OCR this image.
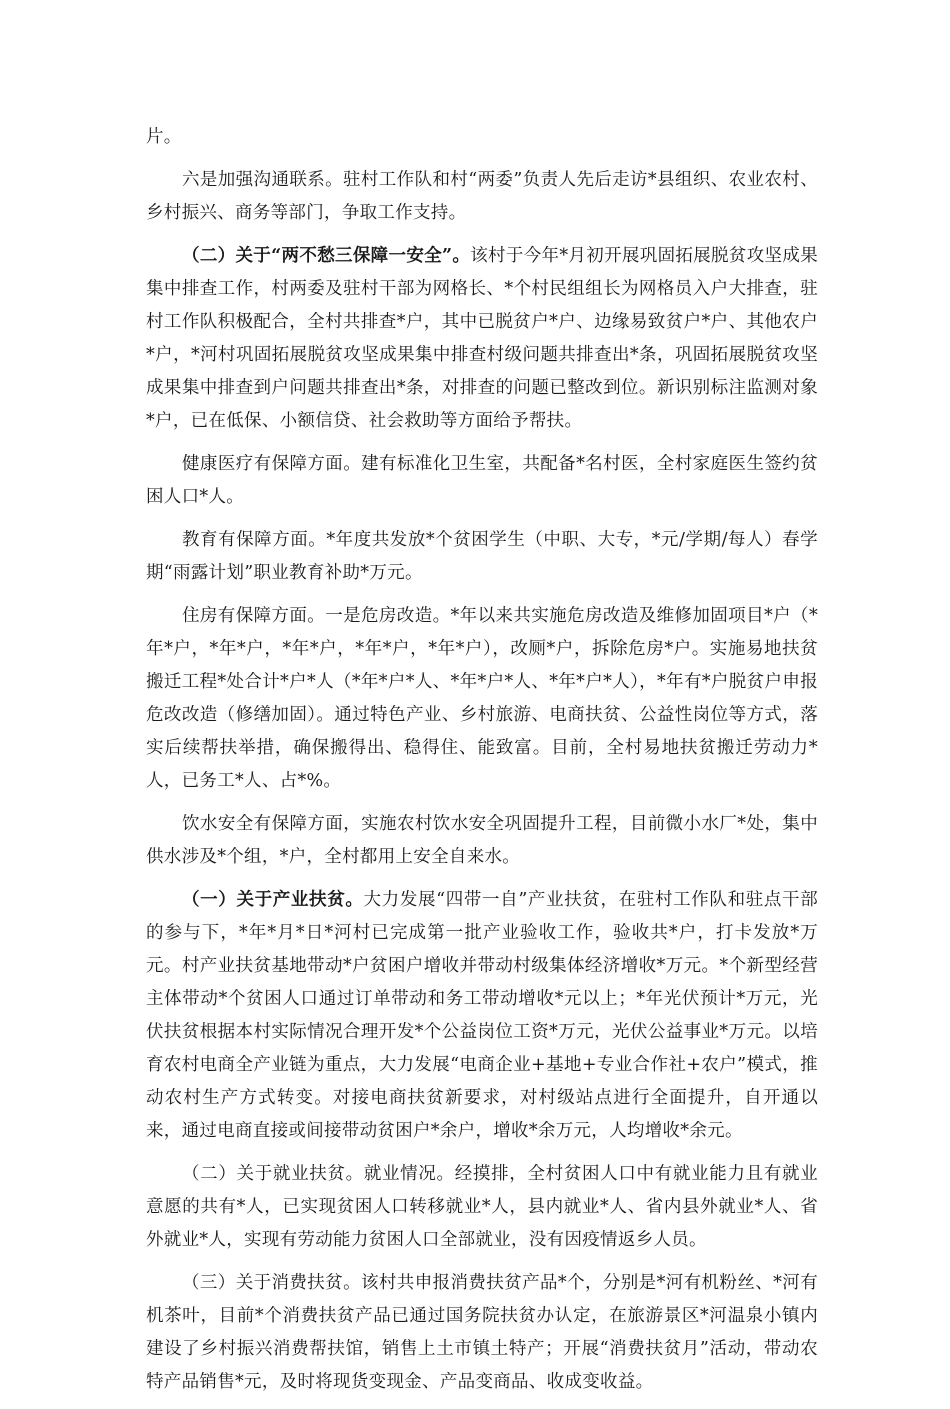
片。

六是加强沟通联系。驻村工作队和村“两委”负责人先后走访*县组织、农业农村、乡村振兴、商务等部门，争取工作支持。

（二）关于“两不愁三保障一安全”。该村于今年*月初开展巩固拓展脱贫攻坚成果集中排查工作，村两委及驻村干部为网格长、*个村民组组长为网格员入户大排查，驻村工作队积极配合，全村共排查*户，其中已脱贫户*户、边缘易致贫户*户、其他农户*户，*河村巩固拓展脱贫攻坚成果集中排查村级问题共排查出*条，巩固拓展脱贫攻坚成果集中排查到户问题共排查出*条，对排查的问题已整改到位。新识别标注监测对象*户，已在低保、小额信贷、社会救助等方面给予帮扶。

健康医疗有保障方面。建有标准化卫生室，共配备*名村医，全村家庭医生签约贫困人口*人。

教育有保障方面。*年度共发放*个贫困学生（中职、大专，*元/学期/每人）春学期“雨露计划”职业教育补助*万元。

住房有保障方面。一是危房改造。*年以来共实施危房改造及维修加固项目*户（*年*户，*年*户，*年*户，*年*户，*年*户），改厕*户，拆除危房*户。实施易地扶贫搬迁工程*处合计*户*人（*年*户*人、*年*户*人、*年*户*人），*年有*户脱贫户申报危改改造（修缮加固）。通过特色产业、乡村旅游、电商扶贫、公益性岗位等方式，落实后续帮扶举措，确保搬得出、稳得住、能致富。目前，全村易地扶贫搬迁劳动力*人，已务工*人、占*%。

饮水安全有保障方面，实施农村饮水安全巩固提升工程，目前微小水厂*处，集中供水涉及*个组，*户，全村都用上安全自来水。

（一）关于产业扶贫。大力发展“四带一自”产业扶贫，在驻村工作队和驻点干部的参与下，*年*月*日*河村已完成第一批产业验收工作，验收共*户，打卡发放*万元。村产业扶贫基地带动*户贫困户增收并带动村级集体经济增收*万元。*个新型经营主体带动*个贫困人口通过订单带动和务工带动增收*元以上；*年光伏预计*万元，光伏扶贫根据本村实际情况合理开发*个公益岗位工资*万元，光伏公益事业*万元。以培育农村电商全产业链为重点，大力发展“电商企业+基地+专业合作社+农户”模式，推动农村生产方式转变。对接电商扶贫新要求，对村级站点进行全面提升，自开通以来，通过电商直接或间接带动贫困户*余户，增收*余万元，人均增收*余元。

（二）关于就业扶贫。就业情况。经摸排，全村贫困人口中有就业能力且有就业意愿的共有*人，已实现贫困人口转移就业*人，县内就业*人、省内县外就业*人、省外就业*人，实现有劳动能力贫困人口全部就业，没有因疫情返乡人员。

（三）关于消费扶贫。该村共申报消费扶贫产品*个，分别是*河有机粉丝、*河有机茶叶，目前*个消费扶贫产品已通过国务院扶贫办认定，在旅游景区*河温泉小镇内建设了乡村振兴消费帮扶馆，销售上土市镇土特产；开展“消费扶贫月”活动，带动农特产品销售*元，及时将现货变现金、产品变商品、收成变收益。
